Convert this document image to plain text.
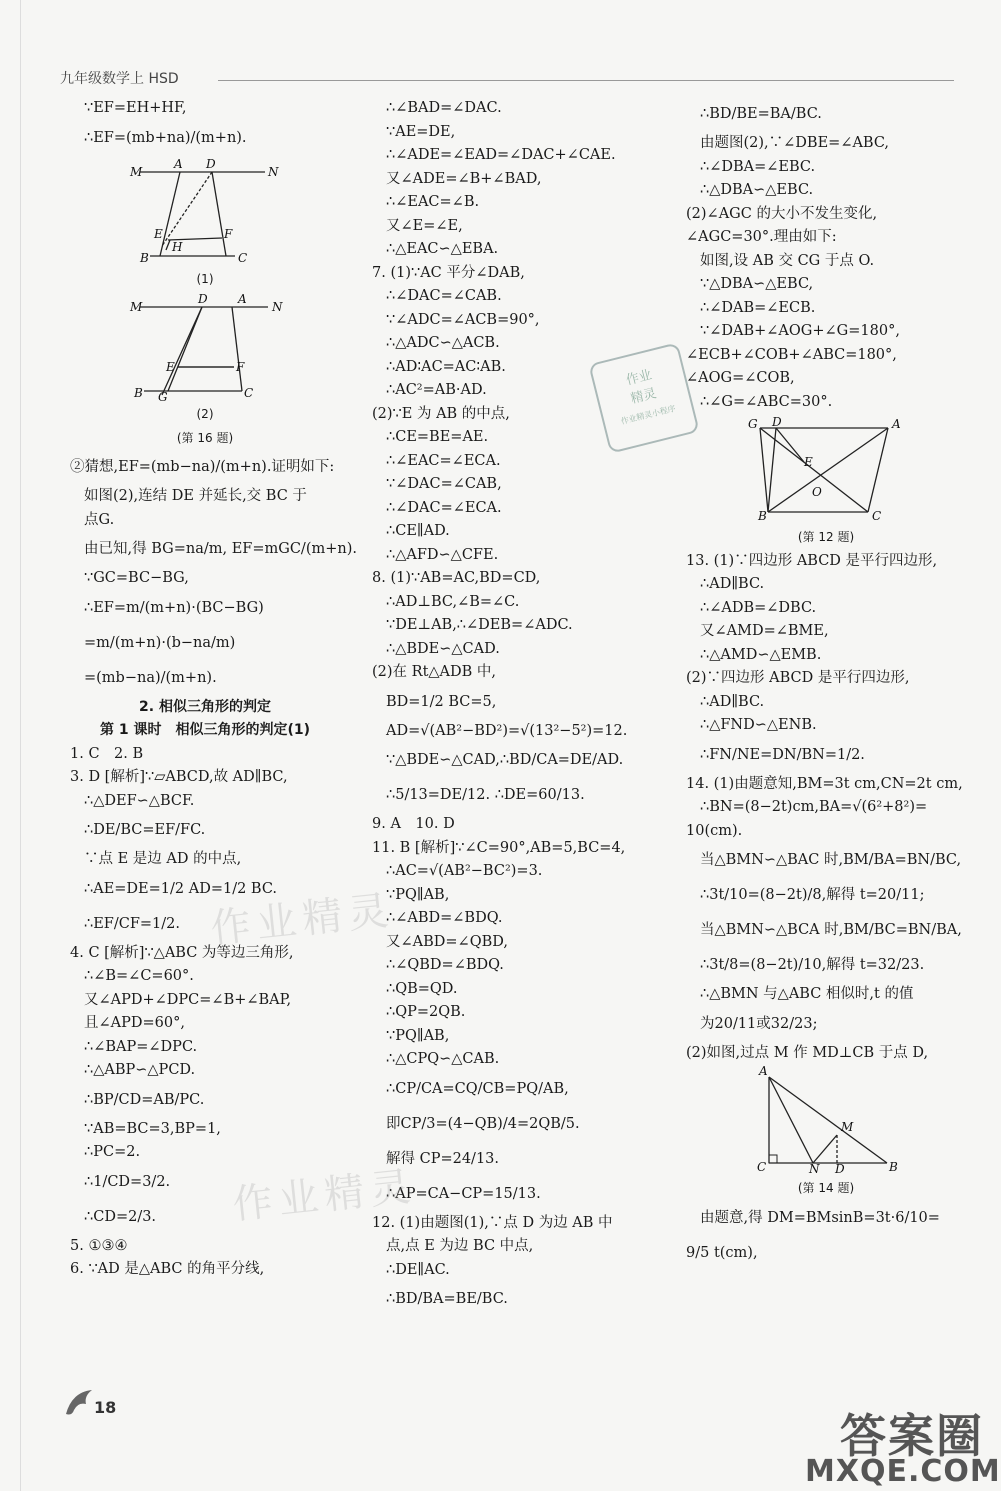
九年级数学上 HSD
∵EF=EH+HF,
∴EF=(mb+na)/(m+n).
M
A D
N
E	F
H
B	C
(1)
M
D	A
N
E	F
B G	C
(2)
(第 16 题)
②猜想,EF=(mb−na)/(m+n).证明如下:
如图(2),连结 DE 并延长,交 BC 于
点G.
由已知,得 BG=na/m, EF=mGC/(m+n).
∵GC=BC−BG,
∴EF=m/(m+n)·(BC−BG)
=m/(m+n)·(b−na/m)
=(mb−na)/(m+n).
2. 相似三角形的判定
第 1 课时　相似三角形的判定(1)
1. C　2. B
3. D [解析]∵▱ABCD,故 AD∥BC,
∴△DEF∽△BCF.
∴DE/BC=EF/FC.
∵点 E 是边 AD 的中点,
∴AE=DE=1/2 AD=1/2 BC.
∴EF/CF=1/2.
4. C [解析]∵△ABC 为等边三角形,
∴∠B=∠C=60°.
又∠APD+∠DPC=∠B+∠BAP,
且∠APD=60°,
∴∠BAP=∠DPC.
∴△ABP∽△PCD.
∴BP/CD=AB/PC.
∵AB=BC=3,BP=1,
∴PC=2.
∴1/CD=3/2.
∴CD=2/3.
5. ①③④
6. ∵AD 是△ABC 的角平分线,
∴∠BAD=∠DAC.
∵AE=DE,
∴∠ADE=∠EAD=∠DAC+∠CAE.
又∠ADE=∠B+∠BAD,
∴∠EAC=∠B.
又∠E=∠E,
∴△EAC∽△EBA.
7. (1)∵AC 平分∠DAB,
∴∠DAC=∠CAB.
∵∠ADC=∠ACB=90°,
∴△ADC∽△ACB.
∴AD∶AC=AC∶AB.
∴AC²=AB·AD.
(2)∵E 为 AB 的中点,
∴CE=BE=AE.
∴∠EAC=∠ECA.
∵∠DAC=∠CAB,
∴∠DAC=∠ECA.
∴CE∥AD.
∴△AFD∽△CFE.
8. (1)∵AB=AC,BD=CD,
∴AD⊥BC,∠B=∠C.
∵DE⊥AB,∴∠DEB=∠ADC.
∴△BDE∽△CAD.
(2)在 Rt△ADB 中,
BD=1/2 BC=5,
AD=√(AB²−BD²)=√(13²−5²)=12.
∵△BDE∽△CAD,∴BD/CA=DE/AD.
∴5/13=DE/12. ∴DE=60/13.
9. A　10. D
11. B [解析]∵∠C=90°,AB=5,BC=4,
∴AC=√(AB²−BC²)=3.
∵PQ∥AB,
∴∠ABD=∠BDQ.
又∠ABD=∠QBD,
∴∠QBD=∠BDQ.
∴QB=QD.
∴QP=2QB.
∵PQ∥AB,
∴△CPQ∽△CAB.
∴CP/CA=CQ/CB=PQ/AB,
即CP/3=(4−QB)/4=2QB/5.
解得 CP=24/13.
∴AP=CA−CP=15/13.
12. (1)由题图(1),∵点 D 为边 AB 中
点,点 E 为边 BC 中点,
∴DE∥AC.
∴BD/BA=BE/BC.
∴BD/BE=BA/BC.
由题图(2),∵∠DBE=∠ABC,
∴∠DBA=∠EBC.
∴△DBA∽△EBC.
(2)∠AGC 的大小不发生变化,
∠AGC=30°.理由如下:
如图,设 AB 交 CG 于点 O.
∵△DBA∽△EBC,
∴∠DAB=∠ECB.
∵∠DAB+∠AOG+∠G=180°,
∠ECB+∠COB+∠ABC=180°,
∠AOG=∠COB,
∴∠G=∠ABC=30°.
G D	A
E
O
B	C
(第 12 题)
13. (1)∵四边形 ABCD 是平行四边形,
∴AD∥BC.
∴∠ADB=∠DBC.
又∠AMD=∠BME,
∴△AMD∽△EMB.
(2)∵四边形 ABCD 是平行四边形,
∴AD∥BC.
∴△FND∽△ENB.
∴FN/NE=DN/BN=1/2.
14. (1)由题意知,BM=3t cm,CN=2t cm,
∴BN=(8−2t)cm,BA=√(6²+8²)=
10(cm).
当△BMN∽△BAC 时,BM/BA=BN/BC,
∴3t/10=(8−2t)/8,解得 t=20/11;
当△BMN∽△BCA 时,BM/BC=BN/BA,
∴3t/8=(8−2t)/10,解得 t=32/23.
∴△BMN 与△ABC 相似时,t 的值
为20/11或32/23;
(2)如图,过点 M 作 MD⊥CB 于点 D,
A
M
C	N D	B
(第 14 题)
由题意,得 DM=BMsinB=3t·6/10=
9/5 t(cm),
作业
精灵
作业精灵小程序
作业精灵
作业精灵
18
答案圈
MXQE.COM
